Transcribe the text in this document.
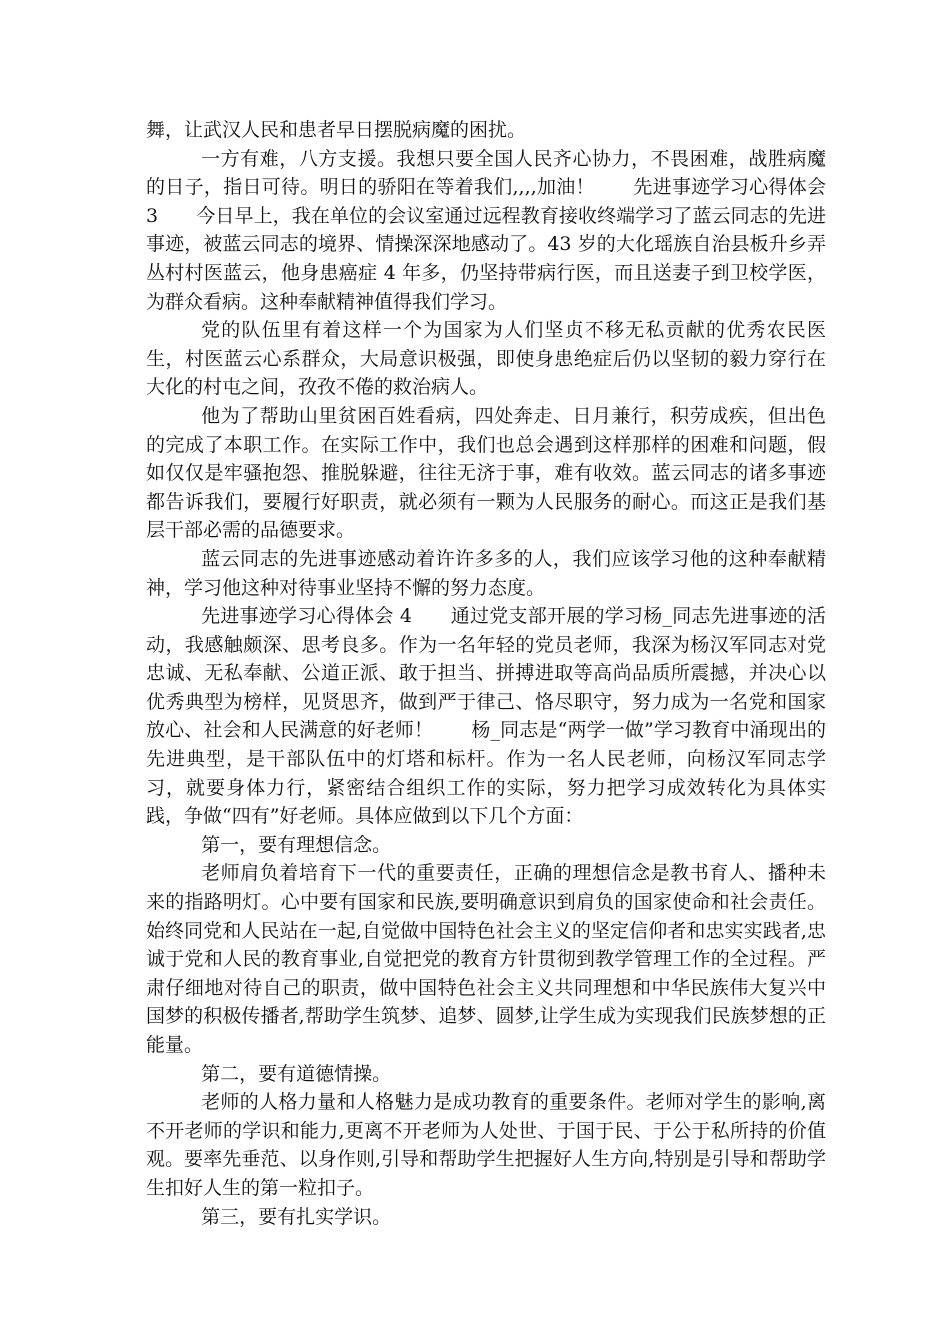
舞，让武汉人民和患者早日摆脱病魔的困扰。

一方有难，八方支援。我想只要全国人民齐心协力，不畏困难，战胜病魔的日子，指日可待。明日的骄阳在等着我们,,,,加油！　　先进事迹学习心得体会 3　　今日早上，我在单位的会议室通过远程教育接收终端学习了蓝云同志的先进事迹，被蓝云同志的境界、情操深深地感动了。43 岁的大化瑶族自治县板升乡弄丛村村医蓝云，他身患癌症 4 年多，仍坚持带病行医，而且送妻子到卫校学医，为群众看病。这种奉献精神值得我们学习。

党的队伍里有着这样一个为国家为人们坚贞不移无私贡献的优秀农民医生，村医蓝云心系群众，大局意识极强，即使身患绝症后仍以坚韧的毅力穿行在大化的村屯之间，孜孜不倦的救治病人。

他为了帮助山里贫困百姓看病，四处奔走、日月兼行，积劳成疾，但出色的完成了本职工作。在实际工作中，我们也总会遇到这样那样的困难和问题，假如仅仅是牢骚抱怨、推脱躲避，往往无济于事，难有收效。蓝云同志的诸多事迹都告诉我们，要履行好职责，就必须有一颗为人民服务的耐心。而这正是我们基层干部必需的品德要求。

蓝云同志的先进事迹感动着许许多多的人，我们应该学习他的这种奉献精神，学习他这种对待事业坚持不懈的努力态度。

先进事迹学习心得体会 4　　通过党支部开展的学习杨_同志先进事迹的活动，我感触颇深、思考良多。作为一名年轻的党员老师，我深为杨汉军同志对党忠诚、无私奉献、公道正派、敢于担当、拼搏进取等高尚品质所震撼，并决心以优秀典型为榜样，见贤思齐，做到严于律己、恪尽职守，努力成为一名党和国家放心、社会和人民满意的好老师！　　杨_同志是“两学一做”学习教育中涌现出的先进典型，是干部队伍中的灯塔和标杆。作为一名人民老师，向杨汉军同志学习，就要身体力行，紧密结合组织工作的实际，努力把学习成效转化为具体实践，争做“四有”好老师。具体应做到以下几个方面：

第一，要有理想信念。

老师肩负着培育下一代的重要责任，正确的理想信念是教书育人、播种未来的指路明灯。心中要有国家和民族,要明确意识到肩负的国家使命和社会责任。始终同党和人民站在一起,自觉做中国特色社会主义的坚定信仰者和忠实实践者,忠诚于党和人民的教育事业,自觉把党的教育方针贯彻到教学管理工作的全过程。严肃仔细地对待自己的职责，做中国特色社会主义共同理想和中华民族伟大复兴中国梦的积极传播者,帮助学生筑梦、追梦、圆梦,让学生成为实现我们民族梦想的正能量。

第二，要有道德情操。

老师的人格力量和人格魅力是成功教育的重要条件。老师对学生的影响,离不开老师的学识和能力,更离不开老师为人处世、于国于民、于公于私所持的价值观。要率先垂范、以身作则,引导和帮助学生把握好人生方向,特别是引导和帮助学生扣好人生的第一粒扣子。

第三，要有扎实学识。
